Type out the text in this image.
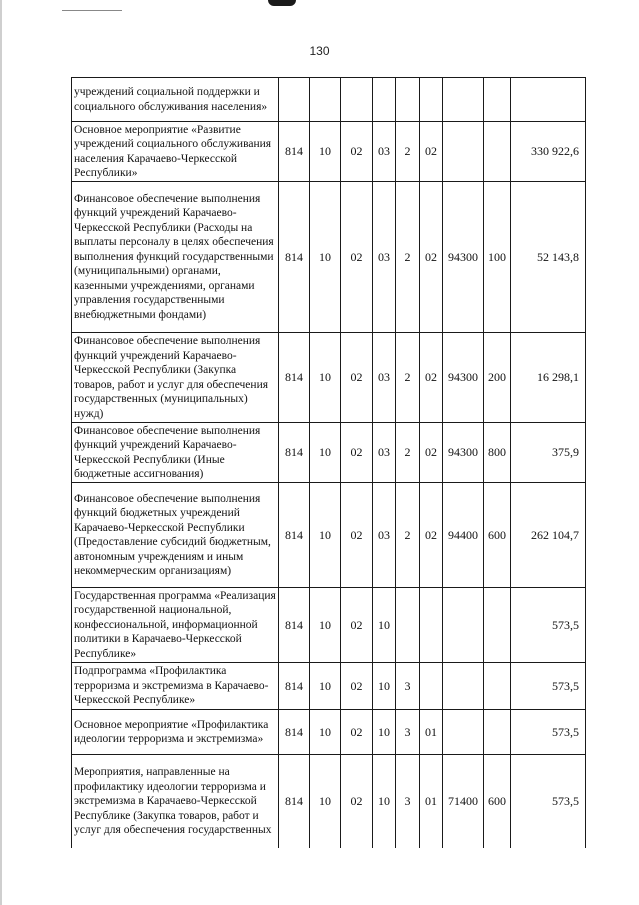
130
учреждений социальной поддержки и социального обслуживания населения»									
Основное мероприятие «Развитие учреждений социального обслуживания населения Карачаево-Черкесской Республики»	814	10	02	03	2	02			330 922,6
Финансовое обеспечение выполнения функций учреждений Карачаево-Черкесской Республики (Расходы на выплаты персоналу в целях обеспечения выполнения функций государственными (муниципальными) органами, казенными учреждениями, органами управления государственными внебюджетными фондами)	814	10	02	03	2	02	94300	100	52 143,8
Финансовое обеспечение выполнения функций учреждений Карачаево-Черкесской Республики (Закупка товаров, работ и услуг для обеспечения государственных (муниципальных) нужд)	814	10	02	03	2	02	94300	200	16 298,1
Финансовое обеспечение выполнения функций учреждений Карачаево-Черкесской Республики (Иные бюджетные ассигнования)	814	10	02	03	2	02	94300	800	375,9
Финансовое обеспечение выполнения функций бюджетных учреждений Карачаево-Черкесской Республики (Предоставление субсидий бюджетным, автономным учреждениям и иным некоммерческим организациям)	814	10	02	03	2	02	94400	600	262 104,7
Государственная программа «Реализация государственной национальной, конфессиональной, информационной политики в Карачаево-Черкесской Республике»	814	10	02	10					573,5
Подпрограмма «Профилактика терроризма и экстремизма в Карачаево-Черкесской Республике»	814	10	02	10	3				573,5
Основное мероприятие «Профилактика идеологии терроризма и экстремизма»	814	10	02	10	3	01			573,5
Мероприятия, направленные на профилактику идеологии терроризма и экстремизма в Карачаево-Черкесской Республике (Закупка товаров, работ и услуг для обеспечения государственных	814	10	02	10	3	01	71400	600	573,5
